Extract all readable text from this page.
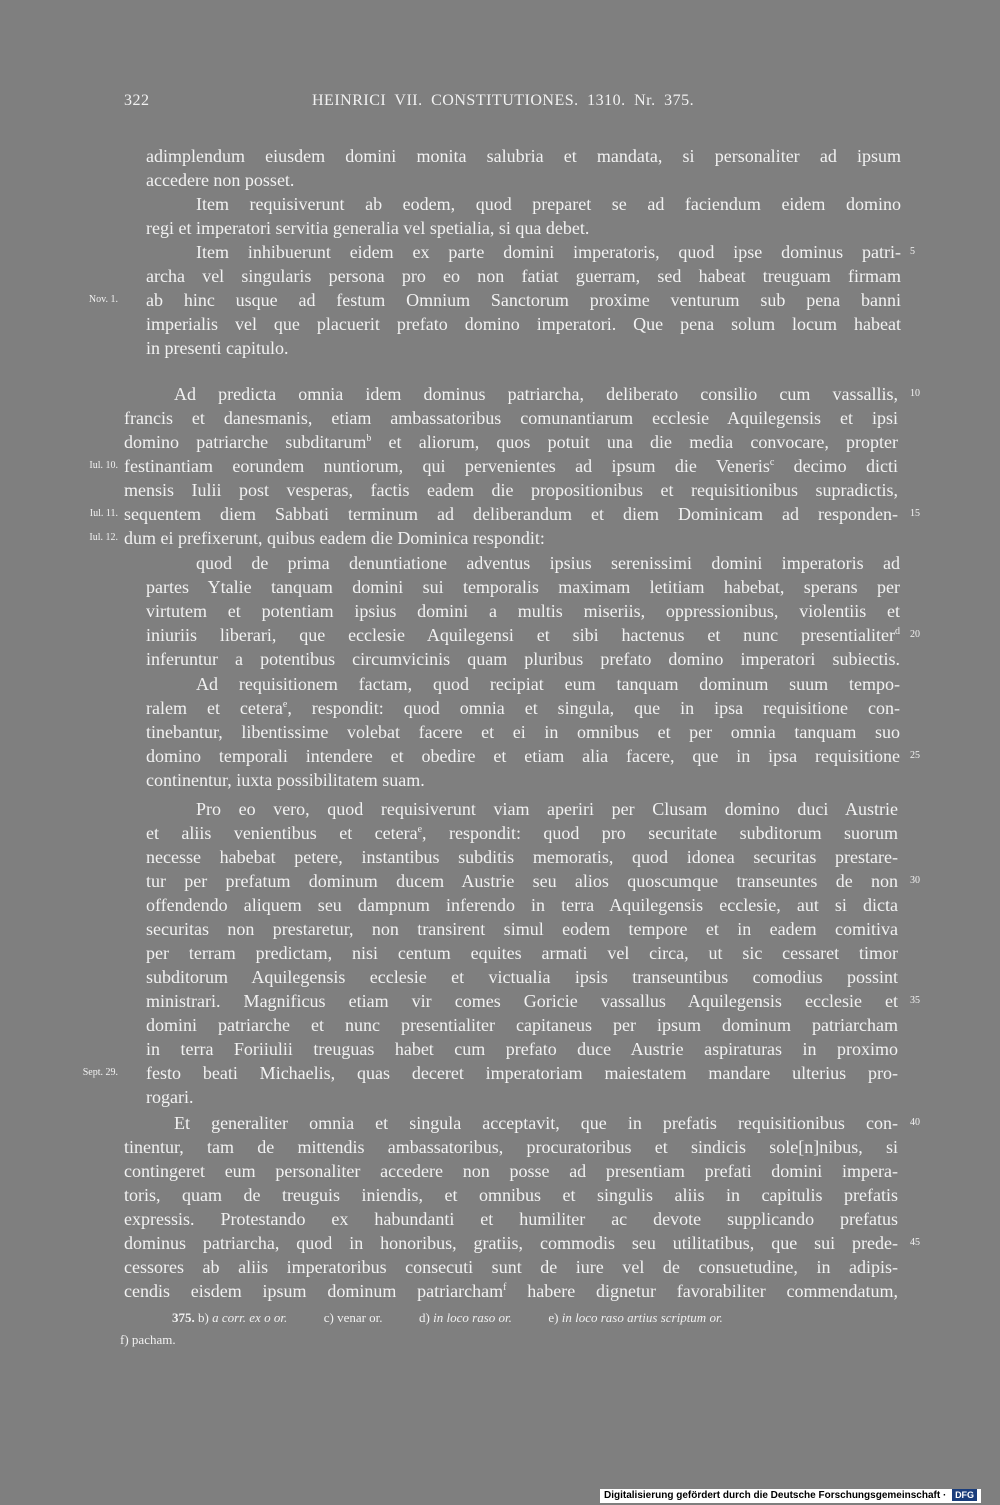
322	HEINRICI VII. CONSTITUTIONES. 1310. Nr. 375.
adimplendum eiusdem domini monita salubria et mandata, si personaliter ad ipsum
accedere non posset.
Item requisiverunt ab eodem, quod preparet se ad faciendum eidem domino
regi et imperatori servitia generalia vel spetialia, si qua debet.
Item inhibuerunt eidem ex parte domini imperatoris, quod ipse dominus patri- 5
archa vel singularis persona pro eo non fatiat guerram, sed habeat treuguam firmam
ab hinc usque ad festum Omnium Sanctorum proxime venturum sub pena banni
Nov. 1.
imperialis vel que placuerit prefato domino imperatori. Que pena solum locum habeat
in presenti capitulo.
Ad predicta omnia idem dominus patriarcha, deliberato consilio cum vassallis, 10
francis et danesmanis, etiam ambassatoribus comunantiarum ecclesie Aquilegensis et ipsi
domino patriarche subditarum$^b$ et aliorum, quos potuit una die media convocare, propter
festinantiam eorundem nuntiorum, qui pervenientes ad ipsum die Veneris$^c$ decimo dicti
Iul. 10.
mensis Iulii post vesperas, factis eadem die propositionibus et requisitionibus supradictis,
sequentem diem Sabbati terminum ad deliberandum et diem Dominicam ad responden-
Iul. 11.	15
dum ei prefixerunt, quibus eadem die Dominica respondit:
Iul. 12.
quod de prima denuntiatione adventus ipsius serenissimi domini imperatoris ad
partes Ytalie tanquam domini sui temporalis maximam letitiam habebat, sperans per
virtutem et potentiam ipsius domini a multis miseriis, oppressionibus, violentiis et
iniuriis liberari, que ecclesie Aquilegensi et sibi hactenus et nunc presentialiter$^d$ 20
inferuntur a potentibus circumvicinis quam pluribus prefato domino imperatori subiectis.
Ad requisitionem factam, quod recipiat eum tanquam dominum suum tempo-
ralem et cetera$^e$, respondit: quod omnia et singula, que in ipsa requisitione con-
tinebantur, libentissime volebat facere et ei in omnibus et per omnia tanquam suo
domino temporali intendere et obedire et etiam alia facere, que in ipsa requisitione 25
continentur, iuxta possibilitatem suam.
Pro eo vero, quod requisiverunt viam aperiri per Clusam domino duci Austrie
et aliis venientibus et cetera$^e$, respondit: quod pro securitate subditorum suorum
necesse habebat petere, instantibus subditis memoratis, quod idonea securitas prestare-
tur per prefatum dominum ducem Austrie seu alios quoscumque transeuntes de non 30
offendendo aliquem seu dampnum inferendo in terra Aquilegensis ecclesie, aut si dicta
securitas non prestaretur, non transirent simul eodem tempore et in eadem comitiva
per terram predictam, nisi centum equites armati vel circa, ut sic cessaret timor
subditorum Aquilegensis ecclesie et victualia ipsis transeuntibus comodius possint
ministrari. Magnificus etiam vir comes Goricie vassallus Aquilegensis ecclesie et 35
domini patriarche et nunc presentialiter capitaneus per ipsum dominum patriarcham
in terra Foriiulii treuguas habet cum prefato duce Austrie aspiraturas in proximo
festo beati Michaelis, quas deceret imperatoriam maiestatem mandare ulterius pro-
Sept. 29.
rogari.
Et generaliter omnia et singula acceptavit, que in prefatis requisitionibus con- 40
tinentur, tam de mittendis ambassatoribus, procuratoribus et sindicis sole[n]nibus, si
contingeret eum personaliter accedere non posse ad presentiam prefati domini impera-
toris, quam de treuguis iniendis, et omnibus et singulis aliis in capitulis prefatis
expressis. Protestando ex habundanti et humiliter ac devote supplicando prefatus
dominus patriarcha, quod in honoribus, gratiis, commodis seu utilitatibus, que sui prede- 45
cessores ab aliis imperatoribus consecuti sunt de iure vel de consuetudine, in adipis-
cendis eisdem ipsum dominum patriarcham$^f$ habere dignetur favorabiliter commendatum,
375. b) a corr. ex o or.	c) venar or.	d) in loco raso or.	e) in loco raso artius scriptum or.
f) pacham.
Digitalisierung gefördert durch die Deutsche Forschungsgemeinschaft · DFG
